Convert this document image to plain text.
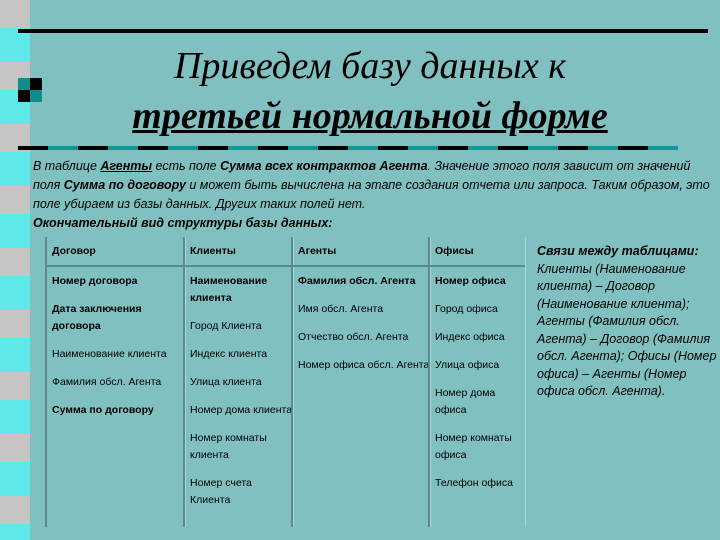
Приведем базу данных к
третьей нормальной форме
В таблице Агенты есть поле Сумма всех контрактов Агента. Значение этого поля зависит от значений поля Сумма по договору и может быть вычислена на этапе создания отчета или запроса. Таким образом, это поле убираем из базы данных. Других таких полей нет.
Окончательный вид структуры базы данных:
Договор
Номер договора
Дата заключения договора
Наименование клиента
Фамилия обсл. Агента
Сумма по договору
Клиенты
Наименование клиента
Город Клиента
Индекс клиента
Улица клиента
Номер дома клиента
Номер комнаты клиента
Номер счета Клиента
Агенты
Фамилия обсл. Агента
Имя обсл. Агента
Отчество обсл. Агента
Номер офиса обсл. Агента
Офисы
Номер офиса
Город офиса
Индекс офиса
Улица офиса
Номер дома офиса
Номер комнаты офиса
Телефон офиса
Связи между таблицами:
Клиенты (Наименование клиента) – Договор (Наименование клиента); Агенты (Фамилия обсл. Агента) – Договор (Фамилия обсл. Агента); Офисы (Номер офиса) – Агенты (Номер офиса обсл. Агента).
